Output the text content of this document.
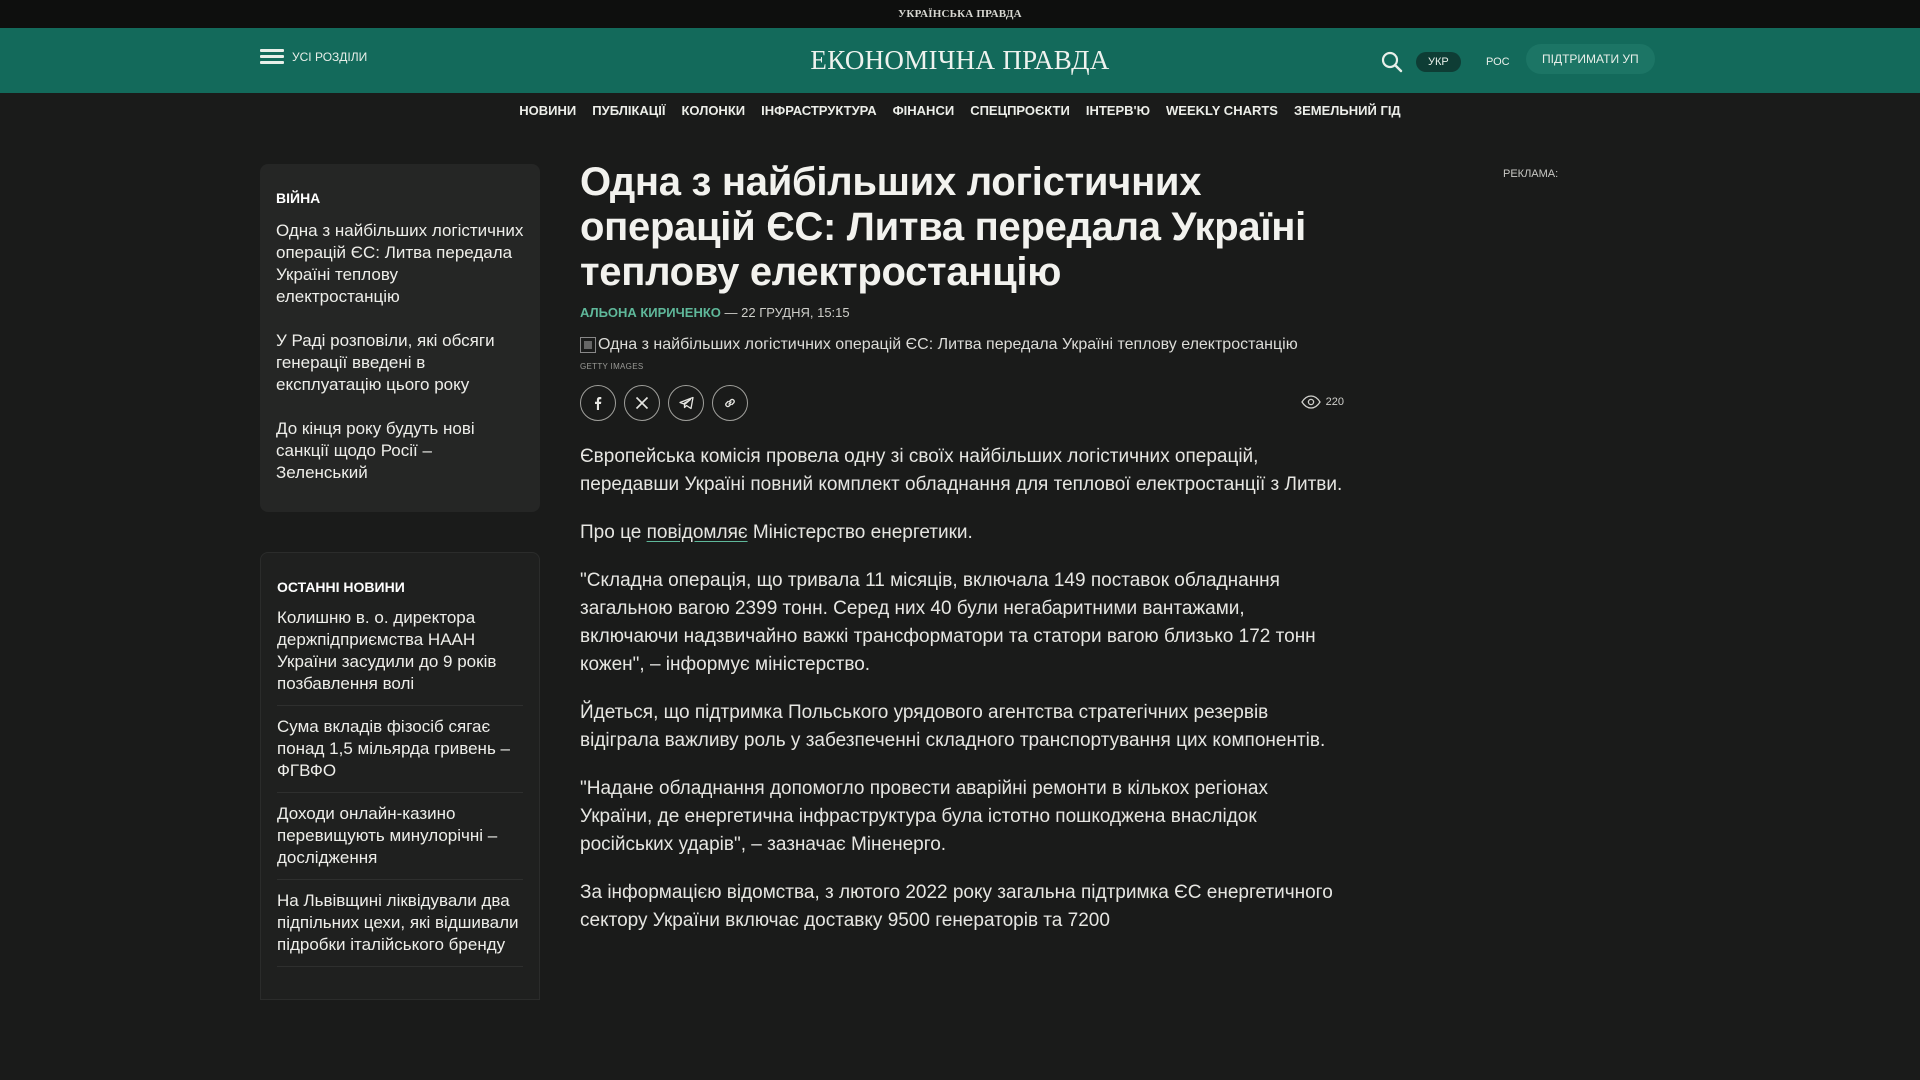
УКРАЇНСЬКА ПРАВДА
УСІ РОЗДІЛИ	ЕКОНОМІЧНА ПРАВДА	УКР	РОС	ПІДТРИМАТИ УП
НОВИНИ ПУБЛІКАЦІЇ КОЛОНКИ ІНФРАСТРУКТУРА ФІНАНСИ СПЕЦПРОЄКТИ ІНТЕРВ'Ю WEEKLY CHARTS ЗЕМЕЛЬНИЙ ГІД
ВІЙНА
Одна з найбільших логістичних операцій ЄС: Литва передала Україні теплову електростанцію
У Раді розповіли, які обсяги генерації введені в експлуатацію цього року
До кінця року будуть нові санкції щодо Росії – Зеленський
ОСТАННІ НОВИНИ
Колишню в. о. директора держпідприємства НААН України засудили до 9 років позбавлення волі
Сума вкладів фізосіб сягає понад 1,5 мільярда гривень – ФГВФО
Доходи онлайн-казино перевищують минулорічні – дослідження
На Львівщині ліквідували два підпільних цехи, які відшивали підробки італійського бренду
Одна з найбільших логістичних операцій ЄС: Литва передала Україні теплову електростанцію
АЛЬОНА КИРИЧЕНКО — 22 ГРУДНЯ, 15:15
Одна з найбільших логістичних операцій ЄС: Литва передала Україні теплову електростанцію
GETTY IMAGES
220

Європейська комісія провела одну зі своїх найбільших логістичних операцій, передавши Україні повний комплект обладнання для теплової електростанції з Литви.

Про це повідомляє Міністерство енергетики.

"Складна операція, що тривала 11 місяців, включала 149 поставок обладнання загальною вагою 2399 тонн. Серед них 40 були негабаритними вантажами, включаючи надзвичайно важкі трансформатори та статори вагою близько 172 тонн кожен", – інформує міністерство.

Йдеться, що підтримка Польського урядового агентства стратегічних резервів відіграла важливу роль у забезпеченні складного транспортування цих компонентів.

"Надане обладнання допомогло провести аварійні ремонти в кількох регіонах України, де енергетична інфраструктура була істотно пошкоджена внаслідок російських ударів", – зазначає Міненерго.

За інформацією відомства, з лютого 2022 року загальна підтримка ЄС енергетичного сектору України включає доставку 9500 генераторів та 7200

РЕКЛАМА:
